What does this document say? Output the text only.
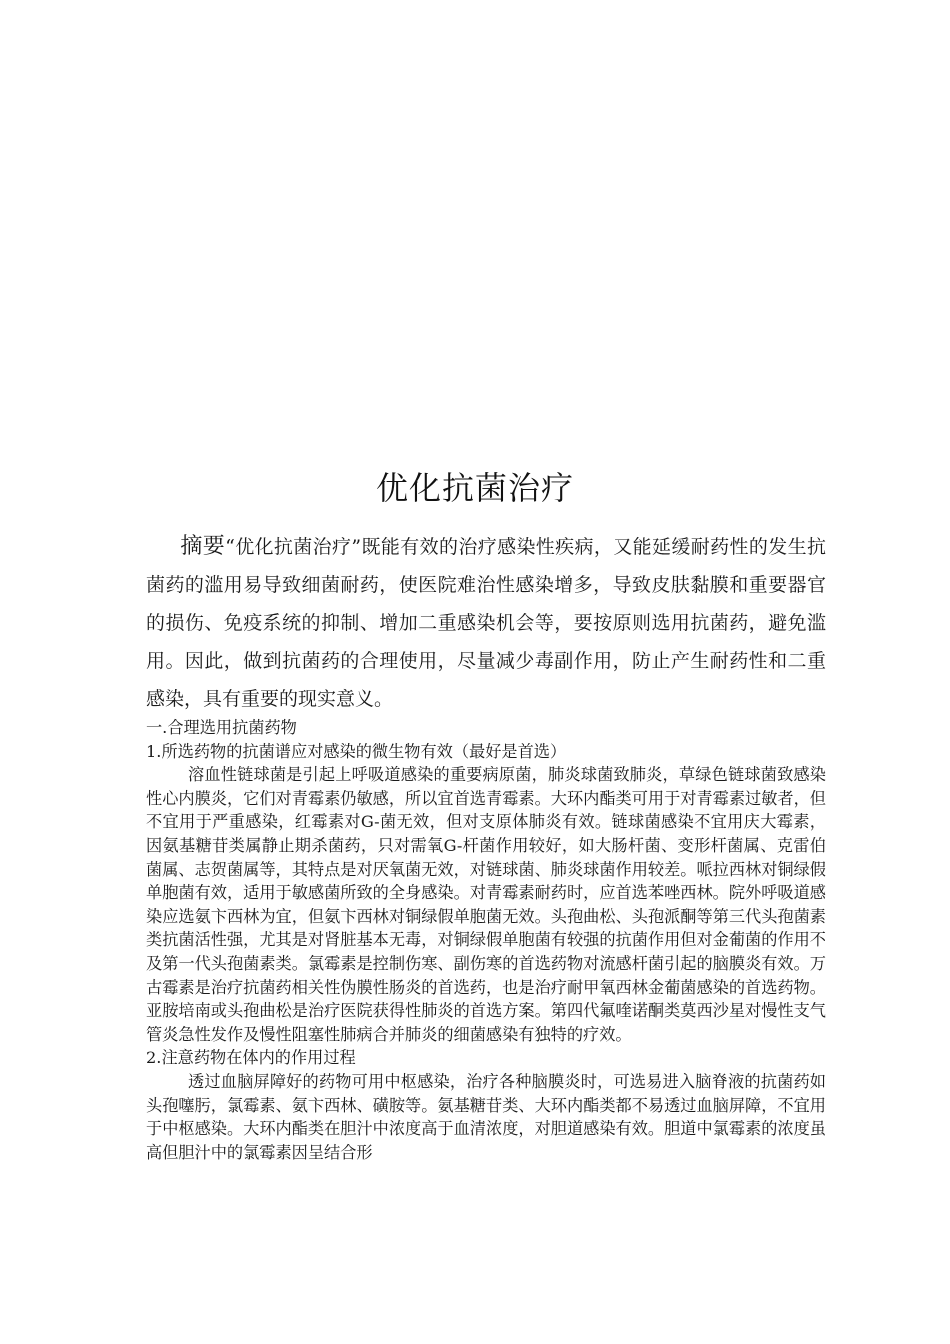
优化抗菌治疗
摘要“优化抗菌治疗”既能有效的治疗感染性疾病，又能延缓耐药性的发生抗菌药的滥用易导致细菌耐药，使医院难治性感染增多，导致皮肤黏膜和重要器官的损伤、免疫系统的抑制、增加二重感染机会等，要按原则选用抗菌药，避免滥用。因此，做到抗菌药的合理使用，尽量减少毒副作用，防止产生耐药性和二重感染，具有重要的现实意义。

一.合理选用抗菌药物

1.所选药物的抗菌谱应对感染的微生物有效（最好是首选）

溶血性链球菌是引起上呼吸道感染的重要病原菌，肺炎球菌致肺炎，草绿色链球菌致感染性心内膜炎，它们对青霉素仍敏感，所以宜首选青霉素。大环内酯类可用于对青霉素过敏者，但不宜用于严重感染，红霉素对G-菌无效，但对支原体肺炎有效。链球菌感染不宜用庆大霉素，因氨基糖苷类属静止期杀菌药，只对需氧G-杆菌作用较好，如大肠杆菌、变形杆菌属、克雷伯菌属、志贺菌属等，其特点是对厌氧菌无效，对链球菌、肺炎球菌作用较差。哌拉西林对铜绿假单胞菌有效，适用于敏感菌所致的全身感染。对青霉素耐药时，应首选苯唑西林。院外呼吸道感染应选氨卞西林为宜，但氨卞西林对铜绿假单胞菌无效。头孢曲松、头孢派酮等第三代头孢菌素类抗菌活性强，尤其是对肾脏基本无毒，对铜绿假单胞菌有较强的抗菌作用但对金葡菌的作用不及第一代头孢菌素类。氯霉素是控制伤寒、副伤寒的首选药物对流感杆菌引起的脑膜炎有效。万古霉素是治疗抗菌药相关性伪膜性肠炎的首选药，也是治疗耐甲氧西林金葡菌感染的首选药物。亚胺培南或头孢曲松是治疗医院获得性肺炎的首选方案。第四代氟喹诺酮类莫西沙星对慢性支气管炎急性发作及慢性阻塞性肺病合并肺炎的细菌感染有独特的疗效。

2.注意药物在体内的作用过程

透过血脑屏障好的药物可用中枢感染，治疗各种脑膜炎时，可选易进入脑脊液的抗菌药如头孢噻肟，氯霉素、氨卞西林、磺胺等。氨基糖苷类、大环内酯类都不易透过血脑屏障，不宜用于中枢感染。大环内酯类在胆汁中浓度高于血清浓度，对胆道感染有效。胆道中氯霉素的浓度虽高但胆汁中的氯霉素因呈结合形
